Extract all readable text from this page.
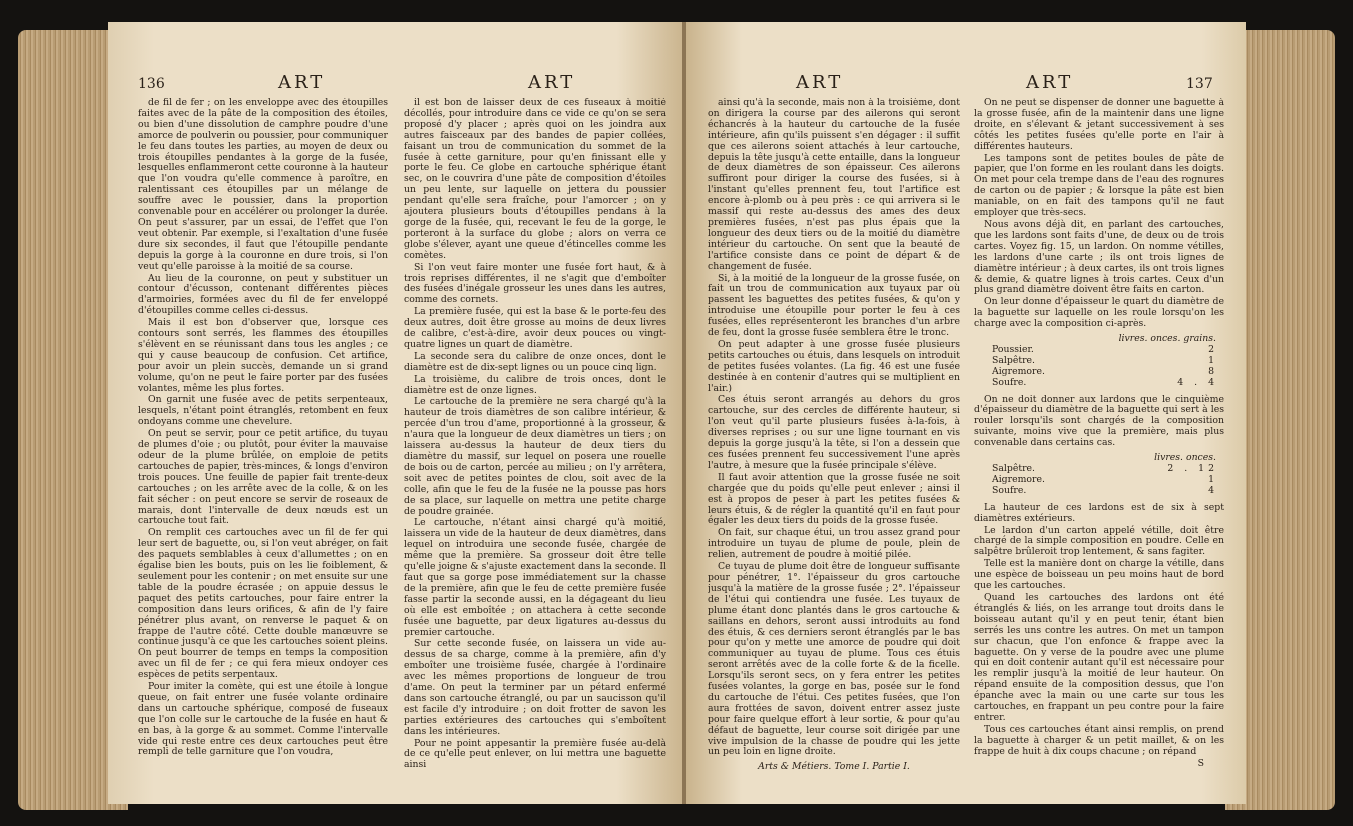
136	ART	ART

de fil de fer ; on les enveloppe avec des étoupilles faites avec de la pâte de la composition des étoiles, ou bien d'une dissolution de camphre poudre d'une amorce de poulverin ou poussier, pour communiquer le feu dans toutes les parties, au moyen de deux ou trois étoupilles pendantes à la gorge de la fusée, lesquelles enflammeront cette couronne à la hauteur que l'on voudra qu'elle commence à paroître, en ralentissant ces étoupilles par un mélange de souffre avec le poussier, dans la proportion convenable pour en accélérer ou prolonger la durée. On peut s'assurer, par un essai, de l'effet que l'on veut obtenir. Par exemple, si l'exaltation d'une fusée dure six secondes, il faut que l'étoupille pendante depuis la gorge à la couronne en dure trois, si l'on veut qu'elle paroisse à la moitié de sa course.

Au lieu de la couronne, on peut y substituer un contour d'écusson, contenant différentes pièces d'armoiries, formées avec du fil de fer enveloppé d'étoupilles comme celles ci-dessus.

Mais il est bon d'observer que, lorsque ces contours sont serrés, les flammes des étoupilles s'élèvent en se réunissant dans tous les angles ; ce qui y cause beaucoup de confusion. Cet artifice, pour avoir un plein succès, demande un si grand volume, qu'on ne peut le faire porter par des fusées volantes, même les plus fortes.

On garnit une fusée avec de petits serpenteaux, lesquels, n'étant point étranglés, retombent en feux ondoyans comme une chevelure.

On peut se servir, pour ce petit artifice, du tuyau de plumes d'oie ; ou plutôt, pour éviter la mauvaise odeur de la plume brûlée, on emploie de petits cartouches de papier, très-minces, & longs d'environ trois pouces. Une feuille de papier fait trente-deux cartouches ; on les arrête avec de la colle, & on les fait sécher : on peut encore se servir de roseaux de marais, dont l'intervalle de deux nœuds est un cartouche tout fait.

On remplit ces cartouches avec un fil de fer qui leur sert de baguette, ou, si l'on veut abréger, on fait des paquets semblables à ceux d'allumettes ; on en égalise bien les bouts, puis on les lie foiblement, & seulement pour les contenir ; on met ensuite sur une table de la poudre écrasée ; on appuie dessus le paquet des petits cartouches, pour faire entrer la composition dans leurs orifices, & afin de l'y faire pénétrer plus avant, on renverse le paquet & on frappe de l'autre côté. Cette double manœuvre se continue jusqu'à ce que les cartouches soient pleins. On peut bourrer de temps en temps la composition avec un fil de fer ; ce qui fera mieux ondoyer ces espèces de petits serpentaux.

Pour imiter la comète, qui est une étoile à longue queue, on fait entrer une fusée volante ordinaire dans un cartouche sphérique, composé de fuseaux que l'on colle sur le cartouche de la fusée en haut & en bas, à la gorge & au sommet. Comme l'intervalle vide qui reste entre ces deux cartouches peut être rempli de telle garniture que l'on voudra,

il est bon de laisser deux de ces fuseaux à moitié décollés, pour introduire dans ce vide ce qu'on se sera proposé d'y placer ; après quoi on les joindra aux autres faisceaux par des bandes de papier collées, faisant un trou de communication du sommet de la fusée à cette garniture, pour qu'en finissant elle y porte le feu. Ce globe en cartouche sphérique étant sec, on le couvrira d'une pâte de composition d'étoiles un peu lente, sur laquelle on jettera du poussier pendant qu'elle sera fraîche, pour l'amorcer ; on y ajoutera plusieurs bouts d'étoupilles pendans à la gorge de la fusée, qui, recevant le feu de la gorge, le porteront à la surface du globe ; alors on verra ce globe s'élever, ayant une queue d'étincelles comme les comètes.

Si l'on veut faire monter une fusée fort haut, & à trois reprises différentes, il ne s'agit que d'emboîter des fusées d'inégale grosseur les unes dans les autres, comme des cornets.

La première fusée, qui est la base & le porte-feu des deux autres, doit être grosse au moins de deux livres de calibre, c'est-à-dire, avoir deux pouces ou vingt-quatre lignes un quart de diamètre.

La seconde sera du calibre de onze onces, dont le diamètre est de dix-sept lignes ou un pouce cinq lign.

La troisième, du calibre de trois onces, dont le diamètre est de onze lignes.

Le cartouche de la première ne sera chargé qu'à la hauteur de trois diamètres de son calibre intérieur, & percée d'un trou d'ame, proportionné à la grosseur, & n'aura que la longueur de deux diamètres un tiers ; on laissera au-dessus la hauteur de deux tiers du diamètre du massif, sur lequel on posera une rouelle de bois ou de carton, percée au milieu ; on l'y arrêtera, soit avec de petites pointes de clou, soit avec de la colle, afin que le feu de la fusée ne la pousse pas hors de sa place, sur laquelle on mettra une petite charge de poudre grainée.

Le cartouche, n'étant ainsi chargé qu'à moitié, laissera un vide de la hauteur de deux diamètres, dans lequel on introduira une seconde fusée, chargée de même que la première. Sa grosseur doit être telle qu'elle joigne & s'ajuste exactement dans la seconde. Il faut que sa gorge pose immédiatement sur la chasse de la première, afin que le feu de cette première fusée fasse partir la seconde aussi, en la dégageant du lieu où elle est emboîtée ; on attachera à cette seconde fusée une baguette, par deux ligatures au-dessus du premier cartouche.

Sur cette seconde fusée, on laissera un vide au-dessus de sa charge, comme à la première, afin d'y emboîter une troisième fusée, chargée à l'ordinaire avec les mêmes proportions de longueur de trou d'ame. On peut la terminer par un pétard enfermé dans son cartouche étranglé, ou par un saucisson qu'il est facile d'y introduire ; on doit frotter de savon les parties extérieures des cartouches qui s'emboîtent dans les intérieures.

Pour ne point appesantir la première fusée au-delà de ce qu'elle peut enlever, on lui mettra une baguette ainsi

ART	ART	137

ainsi qu'à la seconde, mais non à la troisième, dont on dirigera la course par des ailerons qui seront échancrés à la hauteur du cartouche de la fusée intérieure, afin qu'ils puissent s'en dégager : il suffit que ces ailerons soient attachés à leur cartouche, depuis la tête jusqu'à cette entaille, dans la longueur de deux diamètres de son épaisseur. Ces ailerons suffiront pour diriger la course des fusées, si à l'instant qu'elles prennent feu, tout l'artifice est encore à-plomb ou à peu près : ce qui arrivera si le massif qui reste au-dessus des ames des deux premières fusées, n'est pas plus épais que la longueur des deux tiers ou de la moitié du diamètre intérieur du cartouche. On sent que la beauté de l'artifice consiste dans ce point de départ & de changement de fusée.

Si, à la moitié de la longueur de la grosse fusée, on fait un trou de communication aux tuyaux par où passent les baguettes des petites fusées, & qu'on y introduise une étoupille pour porter le feu à ces fusées, elles représenteront les branches d'un arbre de feu, dont la grosse fusée semblera être le tronc.

On peut adapter à une grosse fusée plusieurs petits cartouches ou étuis, dans lesquels on introduit de petites fusées volantes. (La fig. 46 est une fusée destinée à en contenir d'autres qui se multiplient en l'air.)

Ces étuis seront arrangés au dehors du gros cartouche, sur des cercles de différente hauteur, si l'on veut qu'il parte plusieurs fusées à-la-fois, à diverses reprises ; ou sur une ligne tournant en vis depuis la gorge jusqu'à la tête, si l'on a dessein que ces fusées prennent feu successivement l'une après l'autre, à mesure que la fusée principale s'élève.

Il faut avoir attention que la grosse fusée ne soit chargée que du poids qu'elle peut enlever ; ainsi il est à propos de peser à part les petites fusées & leurs étuis, & de régler la quantité qu'il en faut pour égaler les deux tiers du poids de la grosse fusée.

On fait, sur chaque étui, un trou assez grand pour introduire un tuyau de plume de poule, plein de relien, autrement de poudre à moitié pilée.

Ce tuyau de plume doit être de longueur suffisante pour pénétrer, 1°. l'épaisseur du gros cartouche jusqu'à la matière de la grosse fusée ; 2°. l'épaisseur de l'étui qui contiendra une fusée. Les tuyaux de plume étant donc plantés dans le gros cartouche & saillans en dehors, seront aussi introduits au fond des étuis, & ces derniers seront étranglés par le bas pour qu'on y mette une amorce de poudre qui doit communiquer au tuyau de plume. Tous ces étuis seront arrêtés avec de la colle forte & de la ficelle. Lorsqu'ils seront secs, on y fera entrer les petites fusées volantes, la gorge en bas, posée sur le fond du cartouche de l'étui. Ces petites fusées, que l'on aura frottées de savon, doivent entrer assez juste pour faire quelque effort à leur sortie, & pour qu'au défaut de baguette, leur course soit dirigée par une vive impulsion de la chasse de poudre qui les jette un peu loin en ligne droite.

Arts & Métiers. Tome I. Partie I.

On ne peut se dispenser de donner une baguette à la grosse fusée, afin de la maintenir dans une ligne droite, en s'élevant & jetant successivement à ses côtés les petites fusées qu'elle porte en l'air à différentes hauteurs.

Les tampons sont de petites boules de pâte de papier, que l'on forme en les roulant dans les doigts. On met pour cela trempe dans de l'eau des rognures de carton ou de papier ; & lorsque la pâte est bien maniable, on en fait des tampons qu'il ne faut employer que très-secs.

Nous avons déjà dit, en parlant des cartouches, que les lardons sont faits d'une, de deux ou de trois cartes. Voyez fig. 15, un lardon. On nomme vétilles, les lardons d'une carte ; ils ont trois lignes de diamètre intérieur ; à deux cartes, ils ont trois lignes & demie, & quatre lignes à trois cartes. Ceux d'un plus grand diamètre doivent être faits en carton.

On leur donne d'épaisseur le quart du diamètre de la baguette sur laquelle on les roule lorsqu'on les charge avec la composition ci-après.

livres. onces. grains.
Poussier.	2
Salpêtre.	1
Aigremore.	8
Soufre.	4 . 4

On ne doit donner aux lardons que le cinquième d'épaisseur du diamètre de la baguette qui sert à les rouler lorsqu'ils sont chargés de la composition suivante, moins vive que la première, mais plus convenable dans certains cas.

livres. onces.
Salpêtre.	2 . 12
Aigremore.	1
Soufre.	4

La hauteur de ces lardons est de six à sept diamètres extérieurs.

Le lardon d'un carton appelé vétille, doit être chargé de la simple composition en poudre. Celle en salpêtre brûleroit trop lentement, & sans fagiter.

Telle est la manière dont on charge la vétille, dans une espèce de boisseau un peu moins haut de bord que les cartouches.

Quand les cartouches des lardons ont été étranglés & liés, on les arrange tout droits dans le boisseau autant qu'il y en peut tenir, étant bien serrés les uns contre les autres. On met un tampon sur chacun, que l'on enfonce & frappe avec la baguette. On y verse de la poudre avec une plume qui en doit contenir autant qu'il est nécessaire pour les remplir jusqu'à la moitié de leur hauteur. On répand ensuite de la composition dessus, que l'on épanche avec la main ou une carte sur tous les cartouches, en frappant un peu contre pour la faire entrer.

Tous ces cartouches étant ainsi remplis, on prend la baguette à charger & un petit maillet, & on les frappe de huit à dix coups chacune ; on répand

S
